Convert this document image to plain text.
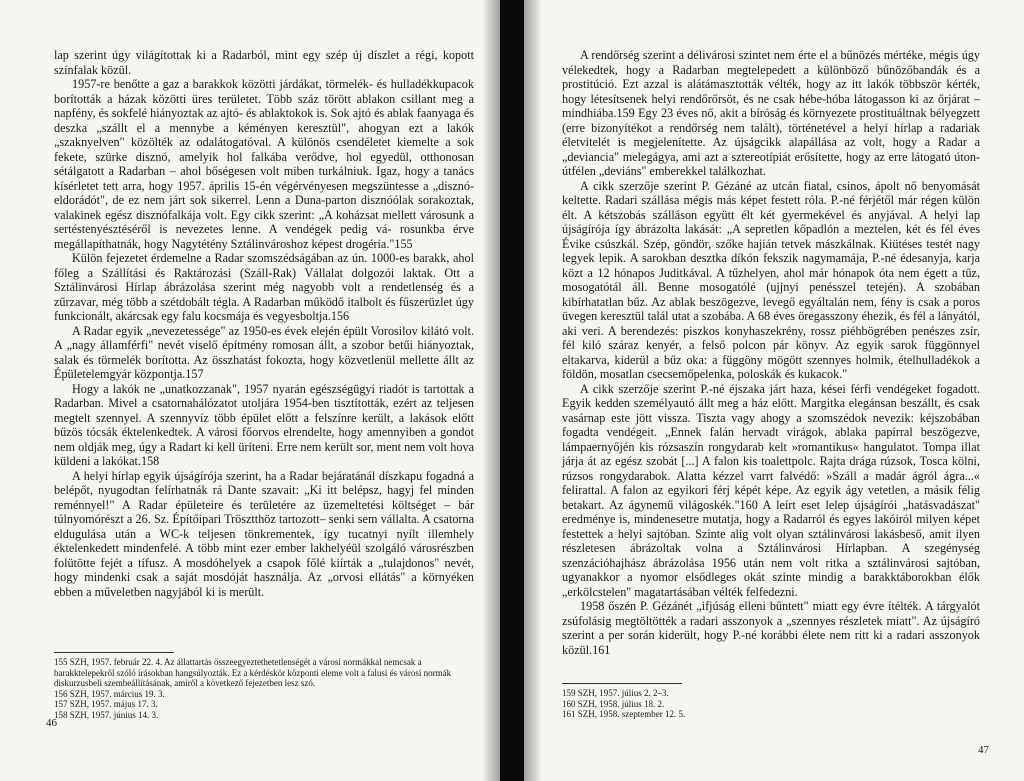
lap szerint úgy világítottak ki a Radarból, mint egy szép új díszlet a régi, kopott színfalak közül.

1957-re benőtte a gaz a barakkok közötti járdákat, törmelék- és hulladékkupacok borították a házak közötti üres területet. Több száz törött ablakon csillant meg a napfény, és sokfelé hiányoztak az ajtó- és ablaktokok is. Sok ajtó és ablak faanyaga és deszka „szállt el a mennybe a kéményen keresztül", ahogyan ezt a lakók „szaknyelven" közölték az odalátogatóval. A különös csendéletet kiemelte a sok fekete, szürke disznó, amelyik hol falkába verődve, hol egyedül, otthonosan sétálgatott a Radarban – ahol bőségesen volt miben turkálniuk. Igaz, hogy a tanács kísérletet tett arra, hogy 1957. április 15-én végérvényesen megszüntesse a „disznó-eldorádót", de ez nem járt sok sikerrel. Lenn a Duna-parton disznóólak sorakoztak, valakinek egész disznófalkája volt. Egy cikk szerint: „A koházsat mellett városunk a sertéstenyésztéséről is nevezetes lenne. A vendégek pedig vá- rosunkba érve megállapíthatnák, hogy Nagytétény Sztálinvároshoz képest drogéria."155

Külön fejezetet érdemelne a Radar szomszédságában az ún. 1000-es barakk, ahol főleg a Szállítási és Raktározási (Száll-Rak) Vállalat dolgozói laktak. Ott a Sztálinvárosi Hírlap ábrázolása szerint még nagyobb volt a rendetlenség és a zűrzavar, még több a szétdobált tégla. A Radarban működő italbolt és fűszerüzlet úgy funkcionált, akárcsak egy falu kocsmája és vegyesboltja.156

A Radar egyik „nevezetessége" az 1950-es évek elején épült Vorosilov kilátó volt. A „nagy államférfi" nevét viselő építmény romosan állt, a szobor betűi hiányoztak, salak és törmelék borította. Az összhatást fokozta, hogy közvetlenül mellette állt az Épületelemgyár központja.157

Hogy a lakók ne „unatkozzanak", 1957 nyarán egészségügyi riadót is tartottak a Radarban. Mivel a csatornahálózatot utoljára 1954-ben tisztították, ezért az teljesen megtelt szennyel. A szennyvíz több épület előtt a felszínre került, a lakások előtt bűzös tócsák éktelenkedtek. A városi főorvos elrendelte, hogy amennyiben a gondot nem oldják meg, úgy a Radart ki kell üríteni. Erre nem került sor, ment nem volt hova küldeni a lakókat.158

A helyi hírlap egyik újságírója szerint, ha a Radar bejáratánál díszkapu fogadná a belépőt, nyugodtan felírhatnák rá Dante szavait: „Ki itt belépsz, hagyj fel minden reménnyel!" A Radar épületeire és területére az üzemeltetési költséget – bár túlnyomórészt a 26. Sz. Építőipari Trösztthöz tartozott– senki sem vállalta. A csatorna eldugulása után a WC-k teljesen tönkrementek, így tucatnyi nyílt illemhely éktelenkedett mindenfelé. A több mint ezer ember lakhelyéül szolgáló városrészben folütötte fejét a tífusz. A mosdóhelyek a csapok főlé kiírták a „tulajdonos" nevét, hogy mindenki csak a saját mosdóját használja. Az „orvosi ellátás" a környéken ebben a műveletben nagyjából ki is merült.

155 SZH, 1957. február 22. 4. Az állattartás összeegyeztethetetlenségét a városi normákkal nemcsak a barakktelepekről szóló írásokban hangsúlyozták. Ez a kérdéskör központi eleme volt a falusi és városi normák diskurzusbeli szembeállításának, amiről a következő fejezetben lesz szó.

156 SZH, 1957. március 19. 3.

157 SZH, 1957. május 17. 3.

158 SZH, 1957. június 14. 3.

46

A rendőrség szerint a délivárosi szintet nem érte el a bűnözés mértéke, mégis úgy vélekedtek, hogy a Radarban megtelepedett a különböző bűnözőbandák és a prostitúció. Ezt azzal is alátámasztották vélték, hogy az itt lakók többször kérték, hogy létesítsenek helyi rendőrőrsöt, és ne csak hébe-hóba látogasson ki az őrjárat – mindhiába.159 Egy 23 éves nő, akit a bíróság és környezete prostituáltnak bélyegzett (erre bizonyítékot a rendőrség nem talált), történetével a helyi hírlap a radariak életvitelét is megjelenítette. Az újságcikk alapállása az volt, hogy a Radar a „deviancia" melegágya, ami azt a sztereotípiát erősítette, hogy az erre látogató úton-útfélen „deviáns" emberekkel találkozhat.

A cikk szerzője szerint P. Gézáné az utcán fiatal, csinos, ápolt nő benyomását keltette. Radari szállása mégis más képet festett róla. P.-né férjétől már régen külön élt. A kétszobás szálláson együtt élt két gyermekével és anyjával. A helyi lap újságírója így ábrázolta lakását: „A sepretlen kőpadlón a meztelen, két és fél éves Évike csúszkál. Szép, göndör, szőke hajián tetvek mászkálnak. Kiütéses testét nagy legyek lepik. A sarokban desztka díkón fekszik nagymamája, P.-né édesanyja, karja közt a 12 hónapos Juditkával. A tűzhelyen, ahol már hónapok óta nem égett a tűz, mosogatótál áll. Benne mosogatólé (ujjnyi penésszel tetején). A szobában kibírhatatlan bűz. Az ablak beszögezve, levegő egyáltalán nem, fény is csak a poros üvegen keresztül talál utat a szobába. A 68 éves öregasszony éhezik, és fél a lányától, aki veri. A berendezés: piszkos konyhaszekrény, rossz piéhbögrében penészes zsír, fél kiló száraz kenyér, a felső polcon pár könyv. Az egyik sarok függönnyel eltakarva, kiderül a bűz oka: a függöny mögött szennyes holmik, ételhulladékok a földön, mosatlan csecsemőpelenka, poloskák és kukacok."

A cikk szerzője szerint P.-né éjszaka járt haza, kései férfi vendégeket fogadott. Egyik kedden személyautó állt meg a ház előtt. Margitka elegánsan beszállt, és csak vasárnap este jött vissza. Tiszta vagy ahogy a szomszédok nevezik: kéjszobában fogadta vendégeit. „Ennek falán hervadt virágok, ablaka papírral beszögezve, lámpaernyőjén kis rózsaszín rongydarab kelt »romantikus« hangulatot. Tompa illat járja át az egész szobát [...] A falon kis toalettpolc. Rajta drága rúzsok, Tosca kölni, rúzsos rongydarabok. Alatta kézzel varrt falvédő: »Száll a madár ágról ágra...« felirattal. A falon az egyikori férj képét képe. Az egyik ágy vetetlen, a másik félig betakart. Az ágynemű világoskék."160 A leírt eset lelep újságírói „hatásvadászat" eredménye is, mindenesetre mutatja, hogy a Radarról és egyes lakóiról milyen képet festettek a helyi sajtóban. Szinte alig volt olyan sztálinvárosi lakásbeső, amit ilyen részletesen ábrázoltak volna a Sztálinvárosi Hírlapban. A szegénység szenzációhajhász ábrázolása 1956 után nem volt ritka a sztálinvárosi sajtóban, ugyanakkor a nyomor elsődleges okát szinte mindig a barakktáborokban élők „erkölcstelen" magatartásában vélték felfedezni.

1958 őszén P. Gézánét „ifjúság elleni bűntett" miatt egy évre ítélték. A tárgyalót zsúfolásig megtöltötték a radari asszonyok a „szennyes részletek miatt". Az újságíró szerint a per során kiderült, hogy P.-né korábbi élete nem ritt ki a radari asszonyok közül.161

159 SZH, 1957. július 2. 2–3.

160 SZH, 1958. július 18. 2.

161 SZH, 1958. szeptember 12. 5.

47
